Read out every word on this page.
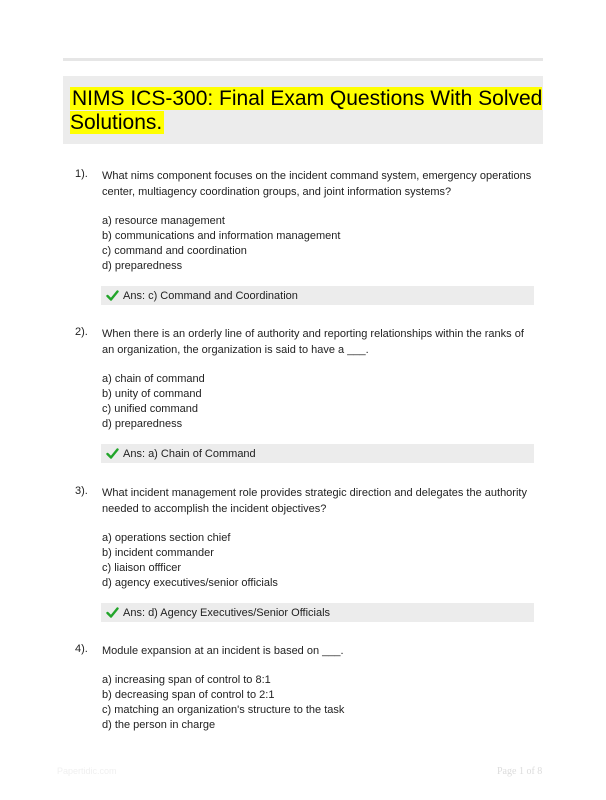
NIMS ICS-300: Final Exam Questions With Solved Solutions.
1). What nims component focuses on the incident command system, emergency operations center, multiagency coordination groups, and joint information systems?
a) resource management
b) communications and information management
c) command and coordination
d) preparedness
Ans: c) Command and Coordination
2). When there is an orderly line of authority and reporting relationships within the ranks of an organization, the organization is said to have a ___.
a) chain of command
b) unity of command
c) unified command
d) preparedness
Ans: a) Chain of Command
3). What incident management role provides strategic direction and delegates the authority needed to accomplish the incident objectives?
a) operations section chief
b) incident commander
c) liaison offficer
d) agency executives/senior officials
Ans: d) Agency Executives/Senior Officials
4). Module expansion at an incident is based on ___.
a) increasing span of control to 8:1
b) decreasing span of control to 2:1
c) matching an organization's structure to the task
d) the person in charge
Papertidic.com	Page 1 of 8
